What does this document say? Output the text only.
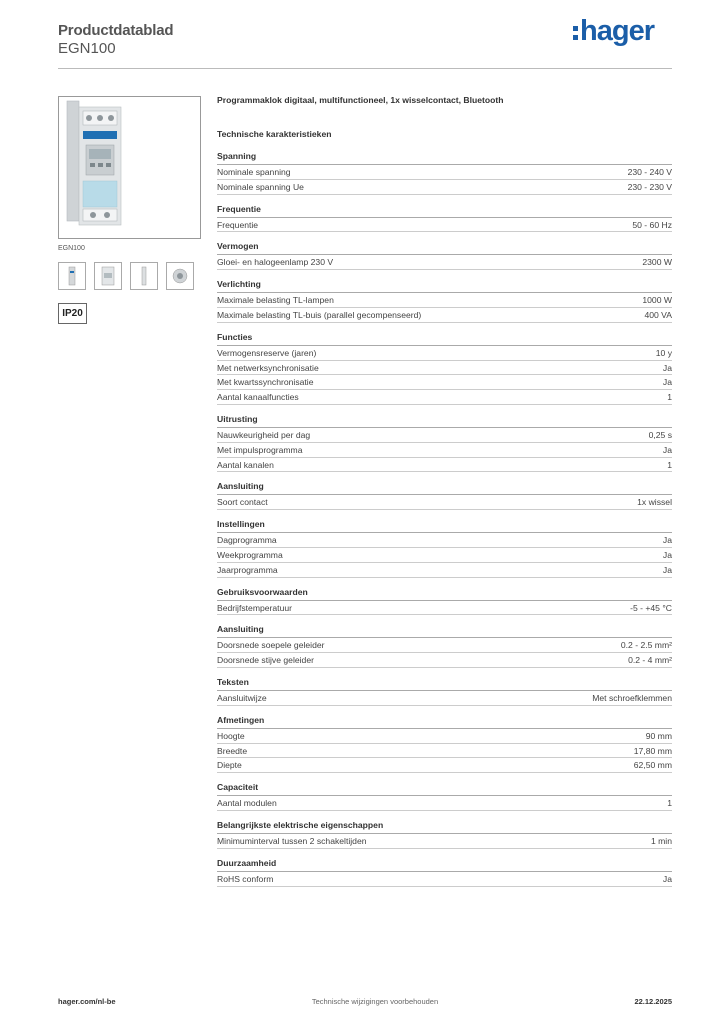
Productdatablad
EGN100
hager
EGN100
IP20
Programmaklok digitaal, multifunctioneel, 1x wisselcontact, Bluetooth
Technische karakteristieken
Spanning
Nominale spanning	230 - 240 V
Nominale spanning Ue	230 - 230 V
Frequentie
Frequentie	50 - 60 Hz
Vermogen
Gloei- en halogeenlamp 230 V	2300 W
Verlichting
Maximale belasting TL-lampen	1000 W
Maximale belasting TL-buis (parallel gecompenseerd)	400 VA
Functies
Vermogensreserve (jaren)	10 y
Met netwerksynchronisatie	Ja
Met kwartssynchronisatie	Ja
Aantal kanaalfuncties	1
Uitrusting
Nauwkeurigheid per dag	0,25 s
Met impulsprogramma	Ja
Aantal kanalen	1
Aansluiting
Soort contact	1x wissel
Instellingen
Dagprogramma	Ja
Weekprogramma	Ja
Jaarprogramma	Ja
Gebruiksvoorwaarden
Bedrijfstemperatuur	-5 - +45 °C
Aansluiting
Doorsnede soepele geleider	0.2 - 2.5 mm²
Doorsnede stijve geleider	0.2 - 4 mm²
Teksten
Aansluitwijze	Met schroefklemmen
Afmetingen
Hoogte	90 mm
Breedte	17,80 mm
Diepte	62,50 mm
Capaciteit
Aantal modulen	1
Belangrijkste elektrische eigenschappen
Minimuminterval tussen 2 schakeltijden	1 min
Duurzaamheid
RoHS conform	Ja
hager.com/nl-be	Technische wijzigingen voorbehouden	22.12.2025
